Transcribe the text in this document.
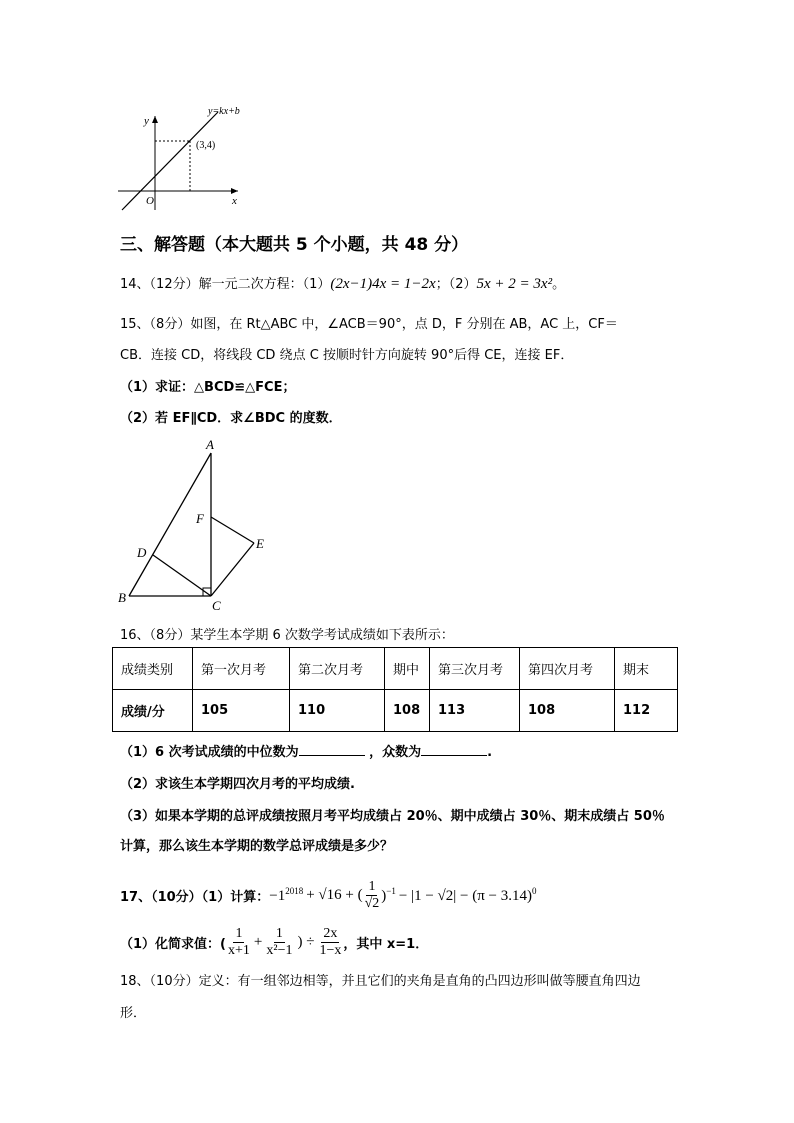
y
x
O
y=kx+b
(3,4)
三、解答题（本大题共 5 个小题，共 48 分）
14、（12分）解一元二次方程：（1）(2x−1)4x = 1−2x；（2）5x + 2 = 3x²。
15、（8分）如图，在 Rt△ABC 中，∠ACB＝90°，点 D，F 分别在 AB，AC 上，CF＝
CB．连接 CD，将线段 CD 绕点 C 按顺时针方向旋转 90°后得 CE，连接 EF．
（1）求证：△BCD≌△FCE；
（2）若 EF∥CD．求∠BDC 的度数．
A
B
C
D
E
F
16、（8分）某学生本学期 6 次数学考试成绩如下表所示：
成绩类别	第一次月考	第二次月考	期中	第三次月考	第四次月考	期末
成绩/分	105	110	108	113	108	112
（1）6 次考试成绩的中位数为	，众数为	.
（2）求该生本学期四次月考的平均成绩.
（3）如果本学期的总评成绩按照月考平均成绩占 20％、期中成绩占 30％、期末成绩占 50％
计算，那么该生本学期的数学总评成绩是多少？
17、（10分）（1）计算： $-1^{2018} + √16$ + ( $\frac{1}{√2} )^{-1} - |1 - √2| - (\pi - 3.14)^0$
（1）化简求值：( $\frac{1}{x+1} + \frac{1}{\text{x²−1}}$ ) ÷ $\frac{2x}{1-x}$ ，其中 x=1．
18、（10分）定义：有一组邻边相等，并且它们的夹角是直角的凸四边形叫做等腰直角四边
形．
